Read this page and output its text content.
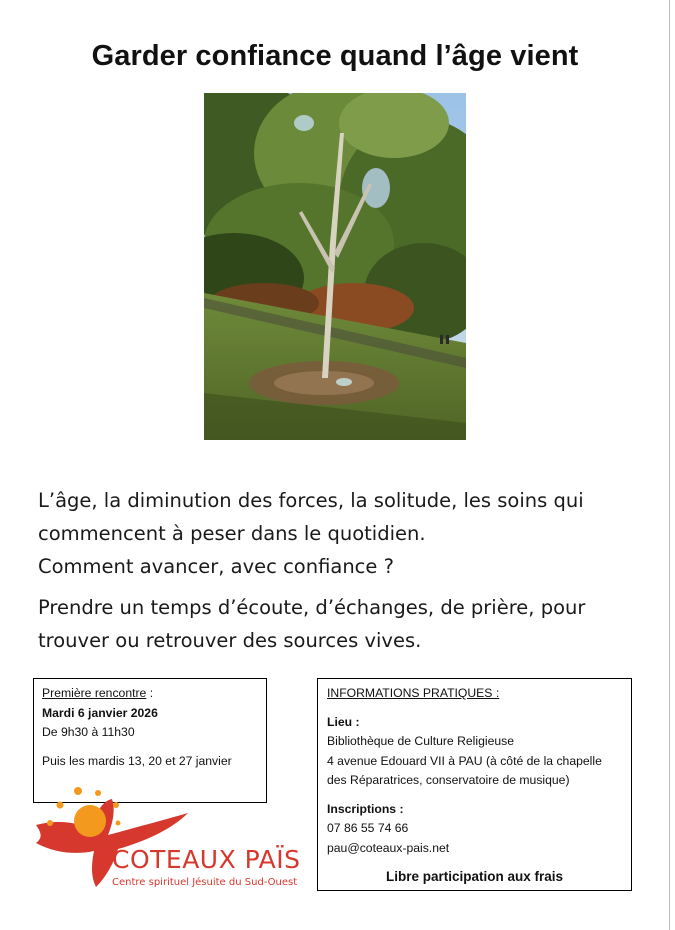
Garder confiance quand l’âge vient

L’âge, la diminution des forces, la solitude, les soins qui
commencent à peser dans le quotidien.
Comment avancer, avec confiance ?

Prendre un temps d’écoute, d’échanges, de prière, pour
trouver ou retrouver des sources vives.

Première rencontre :
Mardi 6 janvier 2026
De 9h30 à 11h30
Puis les mardis 13, 20 et 27 janvier
INFORMATIONS PRATIQUES :
Lieu :
Bibliothèque de Culture Religieuse
4 avenue Edouard VII à PAU (à côté de la chapelle
des Réparatrices, conservatoire de musique)
Inscriptions :
07 86 55 74 66
pau@coteaux-pais.net
Libre participation aux frais
COTEAUX PAÏS
Centre spirituel Jésuite du Sud-Ouest
